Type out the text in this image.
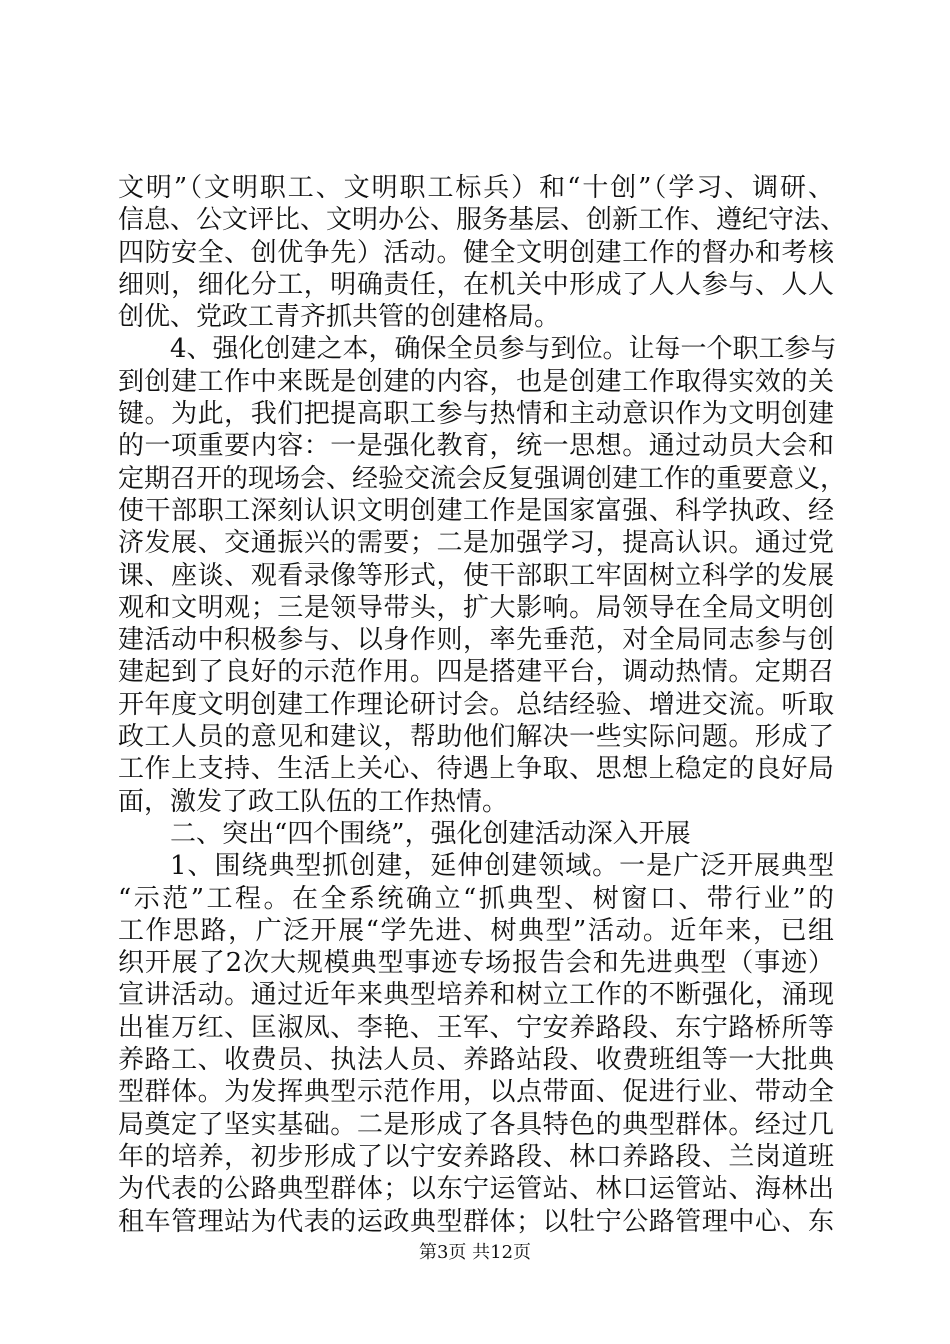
文明”（文明职工、文明职工标兵）和“十创”（学习、调研、
信息、公文评比、文明办公、服务基层、创新工作、遵纪守法、
四防安全、创优争先）活动。健全文明创建工作的督办和考核
细则，细化分工，明确责任，在机关中形成了人人参与、人人
创优、党政工青齐抓共管的创建格局。
4、强化创建之本，确保全员参与到位。让每一个职工参与
到创建工作中来既是创建的内容，也是创建工作取得实效的关
键。为此，我们把提高职工参与热情和主动意识作为文明创建
的一项重要内容：一是强化教育，统一思想。通过动员大会和
定期召开的现场会、经验交流会反复强调创建工作的重要意义，
使干部职工深刻认识文明创建工作是国家富强、科学执政、经
济发展、交通振兴的需要；二是加强学习，提高认识。通过党
课、座谈、观看录像等形式，使干部职工牢固树立科学的发展
观和文明观；三是领导带头，扩大影响。局领导在全局文明创
建活动中积极参与、以身作则，率先垂范，对全局同志参与创
建起到了良好的示范作用。四是搭建平台，调动热情。定期召
开年度文明创建工作理论研讨会。总结经验、增进交流。听取
政工人员的意见和建议，帮助他们解决一些实际问题。形成了
工作上支持、生活上关心、待遇上争取、思想上稳定的良好局
面，激发了政工队伍的工作热情。
二、突出“四个围绕”，强化创建活动深入开展
1、围绕典型抓创建，延伸创建领域。一是广泛开展典型
“示范”工程。在全系统确立“抓典型、树窗口、带行业”的
工作思路，广泛开展“学先进、树典型”活动。近年来，已组
织开展了2次大规模典型事迹专场报告会和先进典型（事迹）
宣讲活动。通过近年来典型培养和树立工作的不断强化，涌现
出崔万红、匡淑凤、李艳、王军、宁安养路段、东宁路桥所等
养路工、收费员、执法人员、养路站段、收费班组等一大批典
型群体。为发挥典型示范作用，以点带面、促进行业、带动全
局奠定了坚实基础。二是形成了各具特色的典型群体。经过几
年的培养，初步形成了以宁安养路段、林口养路段、兰岗道班
为代表的公路典型群体；以东宁运管站、林口运管站、海林出
租车管理站为代表的运政典型群体；以牡宁公路管理中心、东
第3页 共12页
